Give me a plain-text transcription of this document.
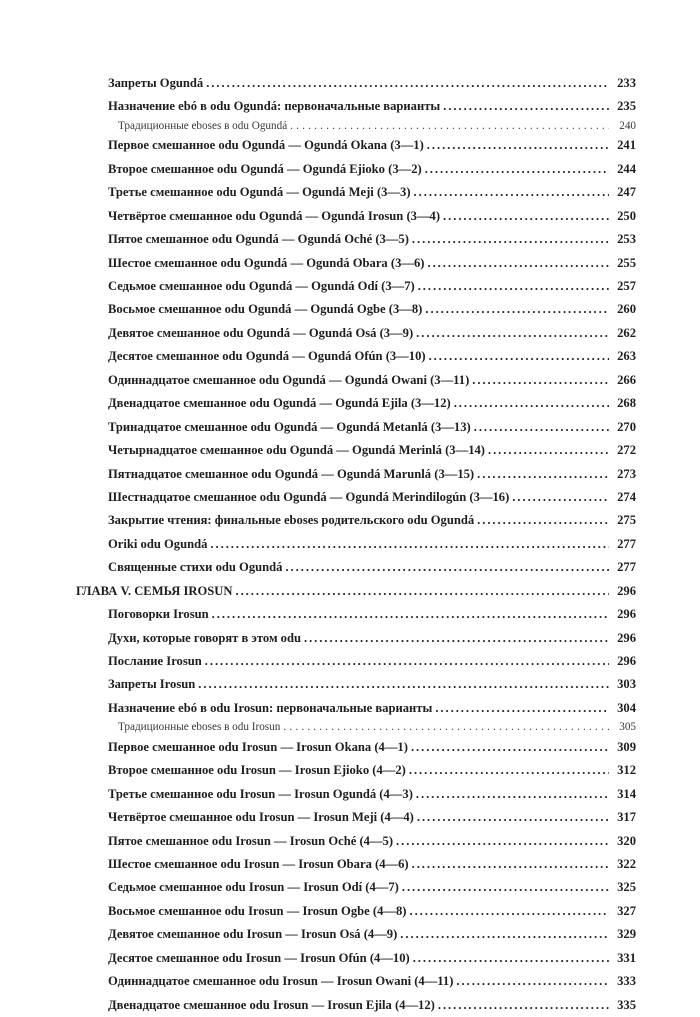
Запреты Ogundá . . .	233
Назначение ebó в odu Ogundá: первоначальные варианты . . .	235
Традиционные eboses в odu Ogundá . . .	240
Первое смешанное odu Ogundá — Ogundá Okana (3—1) . . .	241
Второе смешанное odu Ogundá — Ogundá Ejioko (3—2) . . .	244
Третье смешанное odu Ogundá — Ogundá Meji (3—3) . . .	247
Четвёртое смешанное odu Ogundá — Ogundá Irosun (3—4) . . .	250
Пятое смешанное odu Ogundá — Ogundá Oché (3—5) . . .	253
Шестое смешанное odu Ogundá — Ogundá Obara (3—6) . . .	255
Седьмое смешанное odu Ogundá — Ogundá Odí (3—7) . . .	257
Восьмое смешанное odu Ogundá — Ogundá Ogbe (3—8) . . .	260
Девятое смешанное odu Ogundá — Ogundá Osá (3—9) . . .	262
Десятое смешанное odu Ogundá — Ogundá Ofún (3—10) . . .	263
Одиннадцатое смешанное odu Ogundá — Ogundá Owani (3—11) . . .	266
Двенадцатое смешанное odu Ogundá — Ogundá Ejila (3—12) . . .	268
Тринадцатое смешанное odu Ogundá — Ogundá Metanlá (3—13) . . .	270
Четырнадцатое смешанное odu Ogundá — Ogundá Merinlá (3—14) . . .	272
Пятнадцатое смешанное odu Ogundá — Ogundá Marunlá (3—15) . . .	273
Шестнадцатое смешанное odu Ogundá — Ogundá Merindilogún (3—16) . . .	274
Закрытие чтения: финальные eboses родительского odu Ogundá . . .	275
Oriki odu Ogundá . . .	277
Священные стихи odu Ogundá . . .	277
ГЛАВА V. СЕМЬЯ IROSUN . . .	296
Поговорки Irosun . . .	296
Духи, которые говорят в этом odu . . .	296
Послание Irosun . . .	296
Запреты Irosun . . .	303
Назначение ebó в odu Irosun: первоначальные варианты . . .	304
Традиционные eboses в odu Irosun . . .	305
Первое смешанное odu Irosun — Irosun Okana (4—1) . . .	309
Второе смешанное odu Irosun — Irosun Ejioko (4—2) . . .	312
Третье смешанное odu Irosun — Irosun Ogundá (4—3) . . .	314
Четвёртое смешанное odu Irosun — Irosun Meji (4—4) . . .	317
Пятое смешанное odu Irosun — Irosun Oché (4—5) . . .	320
Шестое смешанное odu Irosun — Irosun Obara (4—6) . . .	322
Седьмое смешанное odu Irosun — Irosun Odí (4—7) . . .	325
Восьмое смешанное odu Irosun — Irosun Ogbe (4—8) . . .	327
Девятое смешанное odu Irosun — Irosun Osá (4—9) . . .	329
Десятое смешанное odu Irosun — Irosun Ofún (4—10) . . .	331
Одиннадцатое смешанное odu Irosun — Irosun Owani (4—11) . . .	333
Двенадцатое смешанное odu Irosun — Irosun Ejila (4—12) . . .	335
